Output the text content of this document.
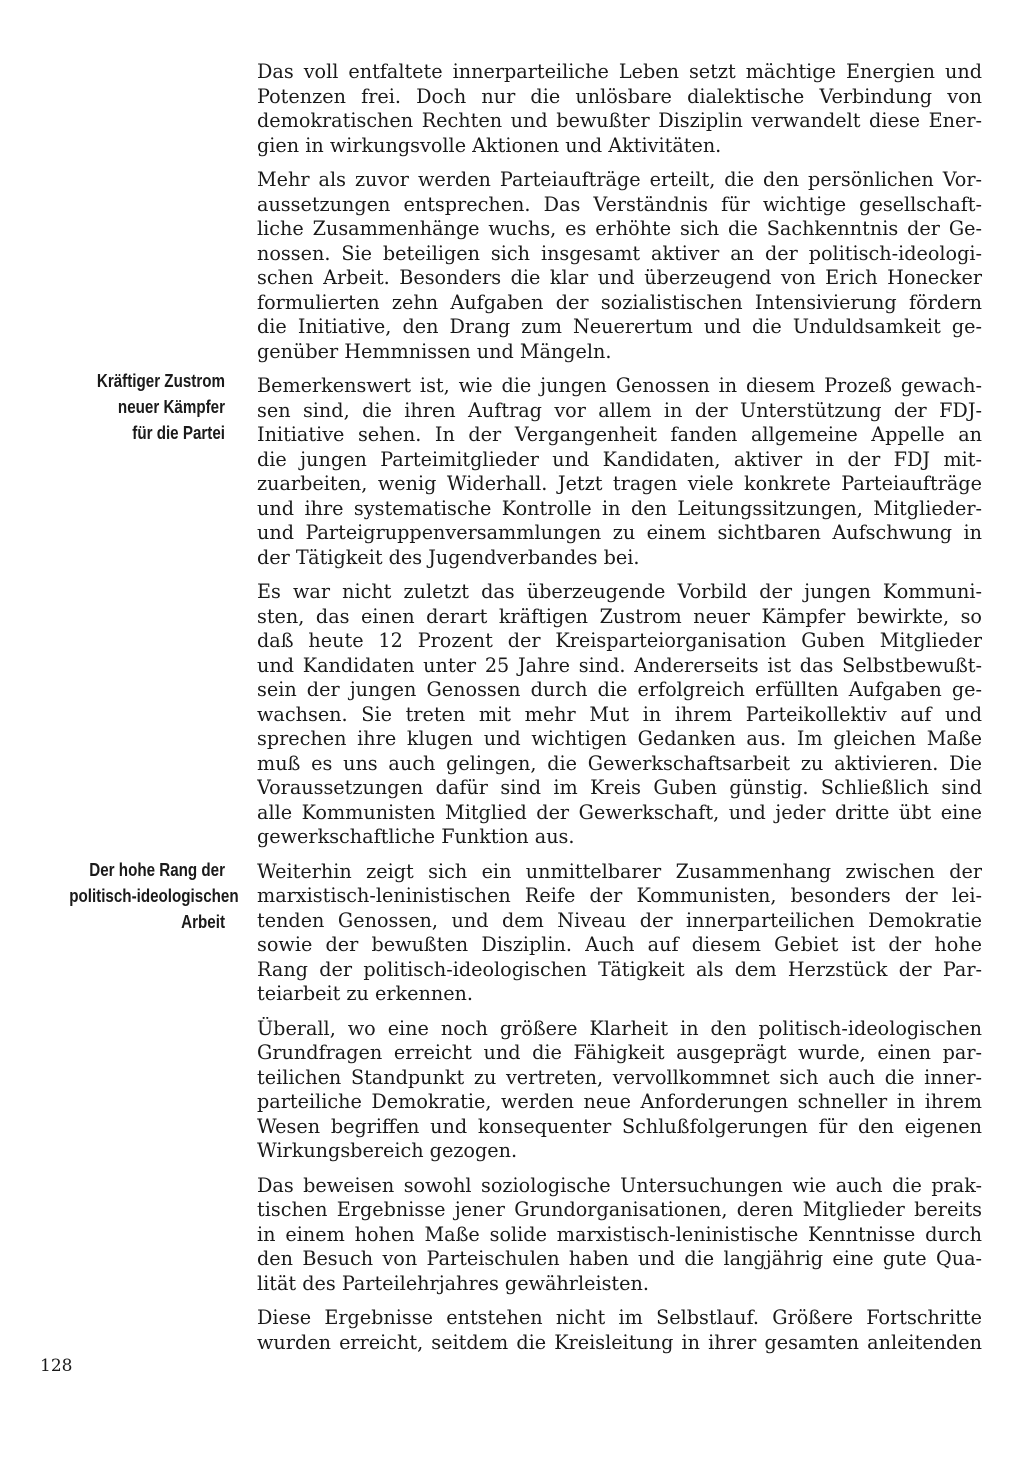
Kräftiger Zustrom
neuer Kämpfer
für die Partei
Der hohe Rang der
politisch-ideologischen
Arbeit
Das voll entfaltete innerparteiliche Leben setzt mächtige Energien und
Potenzen frei. Doch nur die unlösbare dialektische Verbindung von
demokratischen Rechten und bewußter Disziplin verwandelt diese Ener-
gien in wirkungsvolle Aktionen und Aktivitäten.
Mehr als zuvor werden Parteiaufträge erteilt, die den persönlichen Vor-
aussetzungen entsprechen. Das Verständnis für wichtige gesellschaft-
liche Zusammenhänge wuchs, es erhöhte sich die Sachkenntnis der Ge-
nossen. Sie beteiligen sich insgesamt aktiver an der politisch-ideologi-
schen Arbeit. Besonders die klar und überzeugend von Erich Honecker
formulierten zehn Aufgaben der sozialistischen Intensivierung fördern
die Initiative, den Drang zum Neuerertum und die Unduldsamkeit ge-
genüber Hemmnissen und Mängeln.
Bemerkenswert ist, wie die jungen Genossen in diesem Prozeß gewach-
sen sind, die ihren Auftrag vor allem in der Unterstützung der FDJ-
Initiative sehen. In der Vergangenheit fanden allgemeine Appelle an
die jungen Parteimitglieder und Kandidaten, aktiver in der FDJ mit-
zuarbeiten, wenig Widerhall. Jetzt tragen viele konkrete Parteiaufträge
und ihre systematische Kontrolle in den Leitungssitzungen, Mitglieder-
und Parteigruppenversammlungen zu einem sichtbaren Aufschwung in
der Tätigkeit des Jugendverbandes bei.
Es war nicht zuletzt das überzeugende Vorbild der jungen Kommuni-
sten, das einen derart kräftigen Zustrom neuer Kämpfer bewirkte, so
daß heute 12 Prozent der Kreisparteiorganisation Guben Mitglieder
und Kandidaten unter 25 Jahre sind. Andererseits ist das Selbstbewußt-
sein der jungen Genossen durch die erfolgreich erfüllten Aufgaben ge-
wachsen. Sie treten mit mehr Mut in ihrem Parteikollektiv auf und
sprechen ihre klugen und wichtigen Gedanken aus. Im gleichen Maße
muß es uns auch gelingen, die Gewerkschaftsarbeit zu aktivieren. Die
Voraussetzungen dafür sind im Kreis Guben günstig. Schließlich sind
alle Kommunisten Mitglied der Gewerkschaft, und jeder dritte übt eine
gewerkschaftliche Funktion aus.
Weiterhin zeigt sich ein unmittelbarer Zusammenhang zwischen der
marxistisch-leninistischen Reife der Kommunisten, besonders der lei-
tenden Genossen, und dem Niveau der innerparteilichen Demokratie
sowie der bewußten Disziplin. Auch auf diesem Gebiet ist der hohe
Rang der politisch-ideologischen Tätigkeit als dem Herzstück der Par-
teiarbeit zu erkennen.
Überall, wo eine noch größere Klarheit in den politisch-ideologischen
Grundfragen erreicht und die Fähigkeit ausgeprägt wurde, einen par-
teilichen Standpunkt zu vertreten, vervollkommnet sich auch die inner-
parteiliche Demokratie, werden neue Anforderungen schneller in ihrem
Wesen begriffen und konsequenter Schlußfolgerungen für den eigenen
Wirkungsbereich gezogen.
Das beweisen sowohl soziologische Untersuchungen wie auch die prak-
tischen Ergebnisse jener Grundorganisationen, deren Mitglieder bereits
in einem hohen Maße solide marxistisch-leninistische Kenntnisse durch
den Besuch von Parteischulen haben und die langjährig eine gute Qua-
lität des Parteilehrjahres gewährleisten.
Diese Ergebnisse entstehen nicht im Selbstlauf. Größere Fortschritte
wurden erreicht, seitdem die Kreisleitung in ihrer gesamten anleitenden
128
